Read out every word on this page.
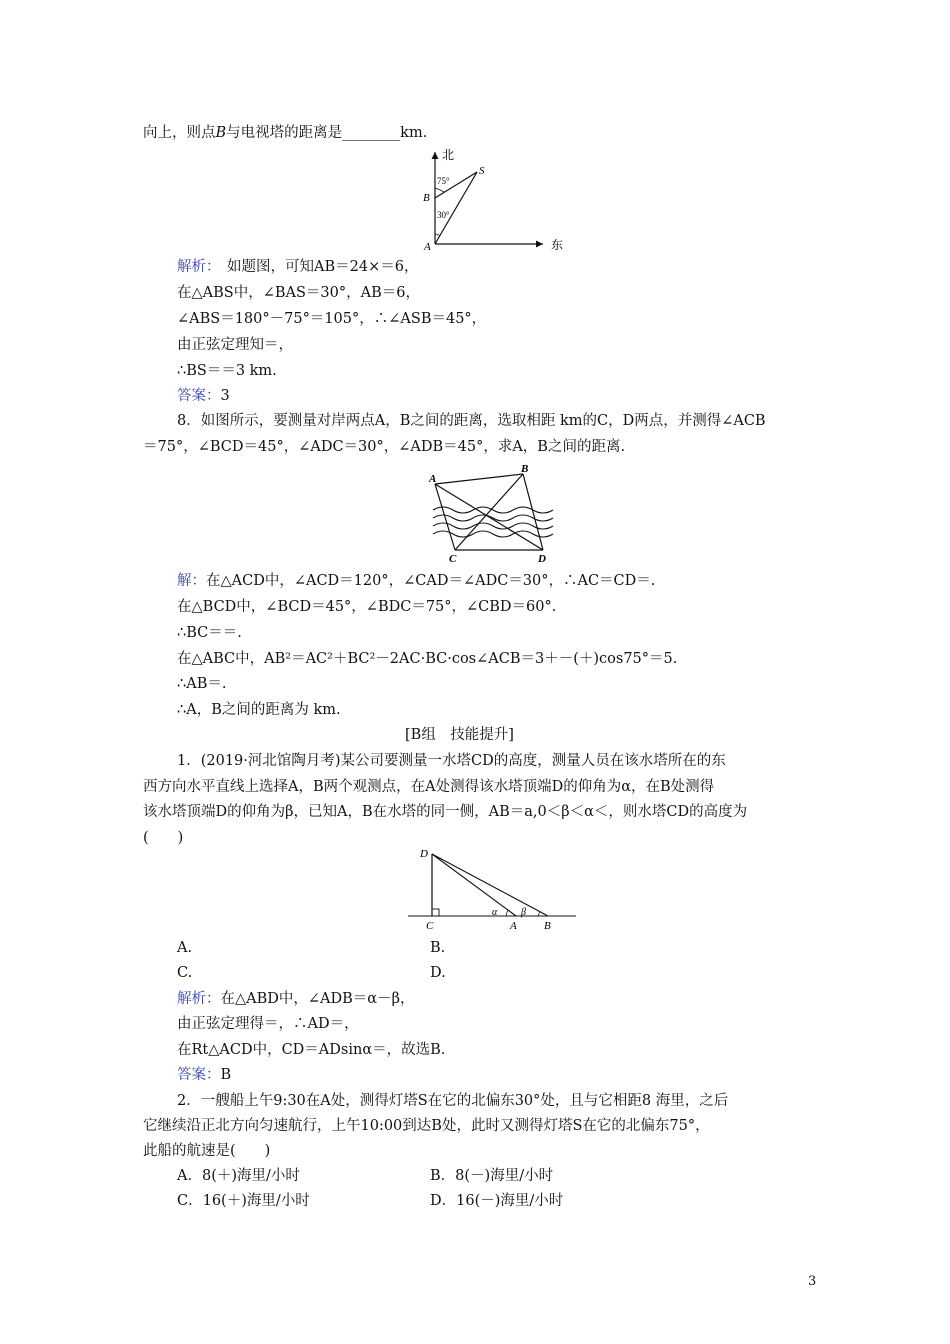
向上，则点B与电视塔的距离是________km.
北
东
S
B
A
75°
30°
解析： 如题图，可知AB＝24×＝6，
在△ABS中，∠BAS＝30°，AB＝6，
∠ABS＝180°－75°＝105°，∴∠ASB＝45°，
由正弦定理知＝，
∴BS＝＝3 km.
答案：3
8．如图所示，要测量对岸两点A，B之间的距离，选取相距 km的C，D两点，并测得∠ACB
＝75°，∠BCD＝45°，∠ADC＝30°，∠ADB＝45°，求A，B之间的距离.
A
B
C	D
解：在△ACD中，∠ACD＝120°，∠CAD＝∠ADC＝30°，∴AC＝CD＝.
在△BCD中，∠BCD＝45°，∠BDC＝75°，∠CBD＝60°.
∴BC＝＝.
在△ABC中，AB²＝AC²＋BC²－2AC·BC·cos∠ACB＝3＋－(＋)cos75°＝5.
∴AB＝.
∴A，B之间的距离为 km.
[B组　技能提升]
1．(2019·河北馆陶月考)某公司要测量一水塔CD的高度，测量人员在该水塔所在的东
西方向水平直线上选择A，B两个观测点，在A处测得该水塔顶端D的仰角为α，在B处测得
该水塔顶端D的仰角为β，已知A，B在水塔的同一侧，AB＝a,0＜β＜α＜，则水塔CD的高度为
(　　)
D
C	A B
α β
A.	B.
C.	D.
解析：在△ABD中，∠ADB＝α－β，
由正弦定理得＝，∴AD＝，
在Rt△ACD中，CD＝ADsinα＝，故选B.
答案：B
2．一艘船上午9:30在A处，测得灯塔S在它的北偏东30°处，且与它相距8 海里，之后
它继续沿正北方向匀速航行，上午10:00到达B处，此时又测得灯塔S在它的北偏东75°，
此船的航速是(　　)
A．8(＋)海里/小时	B．8(－)海里/小时
C．16(＋)海里/小时	D．16(－)海里/小时
3
